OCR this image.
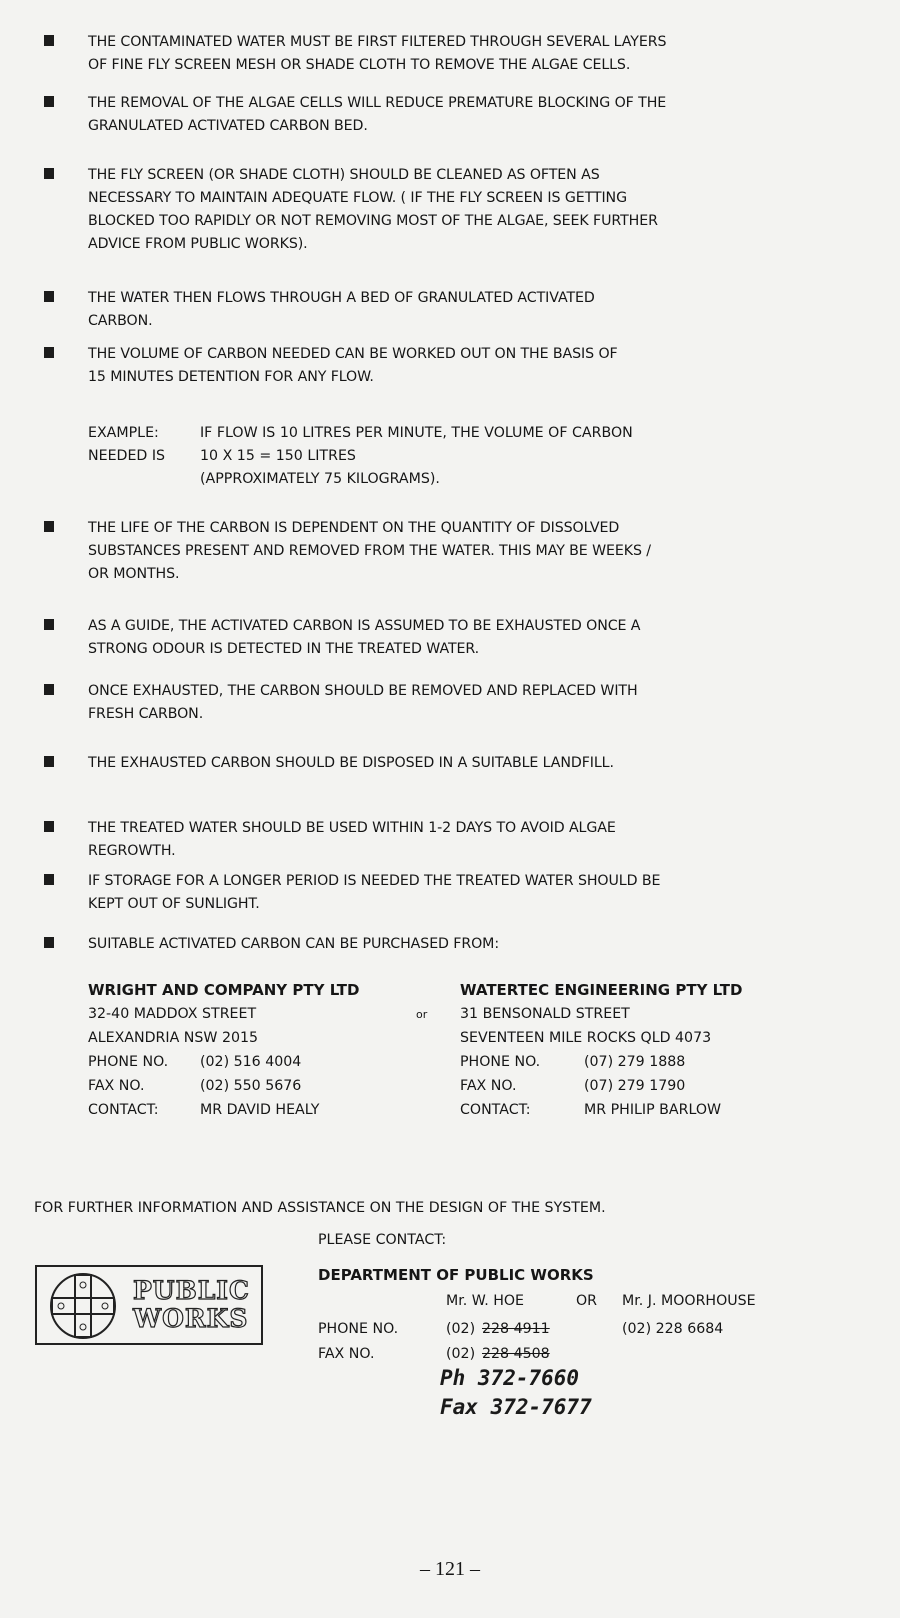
THE CONTAMINATED WATER MUST BE FIRST FILTERED THROUGH SEVERAL LAYERS
OF FINE FLY SCREEN MESH OR SHADE CLOTH TO REMOVE THE ALGAE CELLS.
THE REMOVAL OF THE ALGAE CELLS WILL REDUCE PREMATURE BLOCKING OF THE
GRANULATED ACTIVATED CARBON BED.
THE FLY SCREEN (OR SHADE CLOTH) SHOULD BE CLEANED AS OFTEN AS
NECESSARY TO MAINTAIN ADEQUATE FLOW. ( IF THE FLY SCREEN IS GETTING
BLOCKED TOO RAPIDLY OR NOT REMOVING MOST OF THE ALGAE, SEEK FURTHER
ADVICE FROM PUBLIC WORKS).
THE WATER THEN FLOWS THROUGH A BED OF GRANULATED ACTIVATED
CARBON.
THE VOLUME OF CARBON NEEDED CAN BE WORKED OUT ON THE BASIS OF
15 MINUTES DETENTION FOR ANY FLOW.
THE LIFE OF THE CARBON IS DEPENDENT ON THE QUANTITY OF DISSOLVED
SUBSTANCES PRESENT AND REMOVED FROM THE WATER. THIS MAY BE WEEKS /
OR MONTHS.
AS A GUIDE, THE ACTIVATED CARBON IS ASSUMED TO BE EXHAUSTED ONCE A
STRONG ODOUR IS DETECTED IN THE TREATED WATER.
ONCE EXHAUSTED, THE CARBON SHOULD BE REMOVED AND REPLACED WITH
FRESH CARBON.
THE EXHAUSTED CARBON SHOULD BE DISPOSED IN A SUITABLE LANDFILL.
THE TREATED WATER SHOULD BE USED WITHIN 1-2 DAYS TO AVOID ALGAE
REGROWTH.
IF STORAGE FOR A LONGER PERIOD IS NEEDED THE TREATED WATER SHOULD BE
KEPT OUT OF SUNLIGHT.
SUITABLE ACTIVATED CARBON CAN BE PURCHASED FROM:
EXAMPLE:	IF FLOW IS 10 LITRES PER MINUTE, THE VOLUME OF CARBON
NEEDED IS 10 X 15 = 150 LITRES
(APPROXIMATELY 75 KILOGRAMS).
WRIGHT AND COMPANY PTY LTD
32-40 MADDOX STREET
ALEXANDRIA NSW 2015
PHONE NO. (02) 516 4004
FAX NO.	(02) 550 5676
CONTACT:	MR DAVID HEALY
or
WATERTEC ENGINEERING PTY LTD
31 BENSONALD STREET
SEVENTEEN MILE ROCKS QLD 4073
PHONE NO.	(07) 279 1888
FAX NO.	(07) 279 1790
CONTACT:	MR PHILIP BARLOW
FOR FURTHER INFORMATION AND ASSISTANCE ON THE DESIGN OF THE SYSTEM.
PLEASE CONTACT:
PUBLIC
WORKS
DEPARTMENT OF PUBLIC WORKS
Mr. W. HOE	OR Mr. J. MOORHOUSE
PHONE NO.	(02) 228 4911	(02) 228 6684
FAX NO.	(02) 228 4508
Ph 372-7660
Fax 372-7677
– 121 –
